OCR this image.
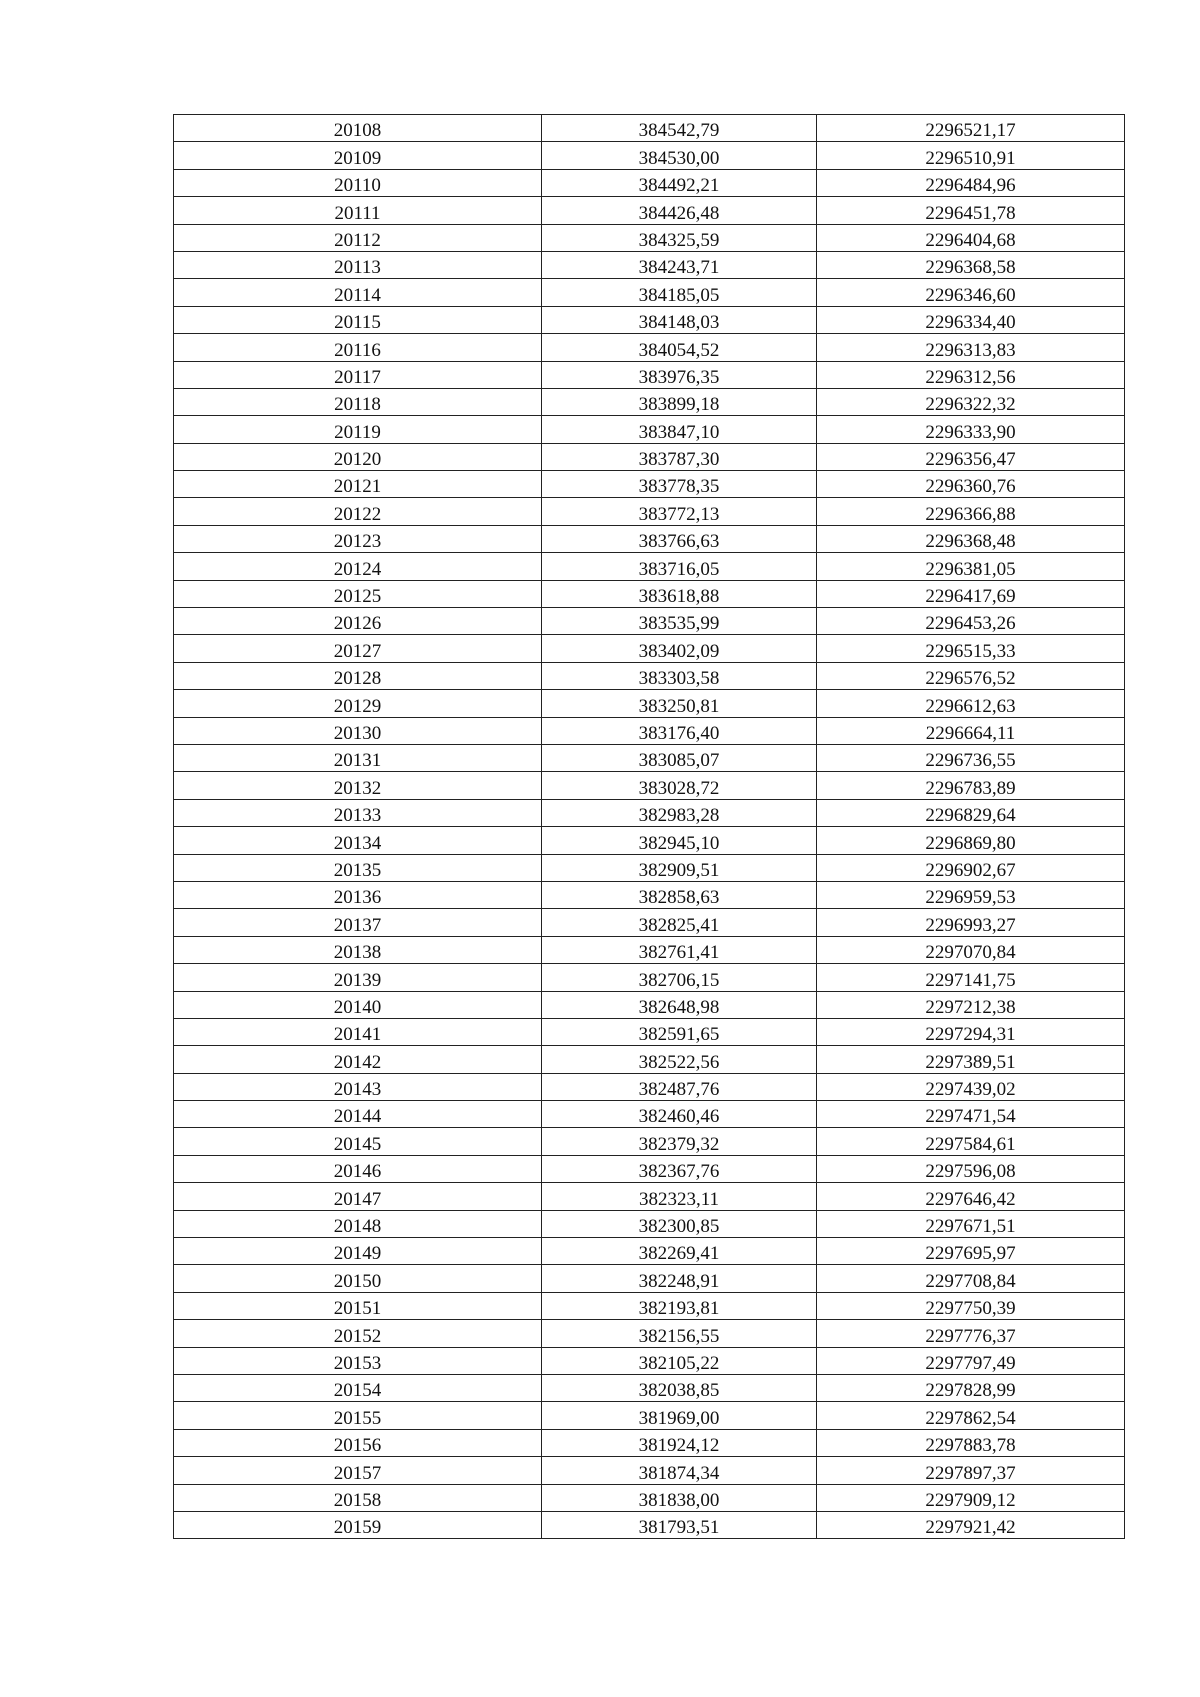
20108	384542,79	2296521,17
20109	384530,00	2296510,91
20110	384492,21	2296484,96
20111	384426,48	2296451,78
20112	384325,59	2296404,68
20113	384243,71	2296368,58
20114	384185,05	2296346,60
20115	384148,03	2296334,40
20116	384054,52	2296313,83
20117	383976,35	2296312,56
20118	383899,18	2296322,32
20119	383847,10	2296333,90
20120	383787,30	2296356,47
20121	383778,35	2296360,76
20122	383772,13	2296366,88
20123	383766,63	2296368,48
20124	383716,05	2296381,05
20125	383618,88	2296417,69
20126	383535,99	2296453,26
20127	383402,09	2296515,33
20128	383303,58	2296576,52
20129	383250,81	2296612,63
20130	383176,40	2296664,11
20131	383085,07	2296736,55
20132	383028,72	2296783,89
20133	382983,28	2296829,64
20134	382945,10	2296869,80
20135	382909,51	2296902,67
20136	382858,63	2296959,53
20137	382825,41	2296993,27
20138	382761,41	2297070,84
20139	382706,15	2297141,75
20140	382648,98	2297212,38
20141	382591,65	2297294,31
20142	382522,56	2297389,51
20143	382487,76	2297439,02
20144	382460,46	2297471,54
20145	382379,32	2297584,61
20146	382367,76	2297596,08
20147	382323,11	2297646,42
20148	382300,85	2297671,51
20149	382269,41	2297695,97
20150	382248,91	2297708,84
20151	382193,81	2297750,39
20152	382156,55	2297776,37
20153	382105,22	2297797,49
20154	382038,85	2297828,99
20155	381969,00	2297862,54
20156	381924,12	2297883,78
20157	381874,34	2297897,37
20158	381838,00	2297909,12
20159	381793,51	2297921,42
